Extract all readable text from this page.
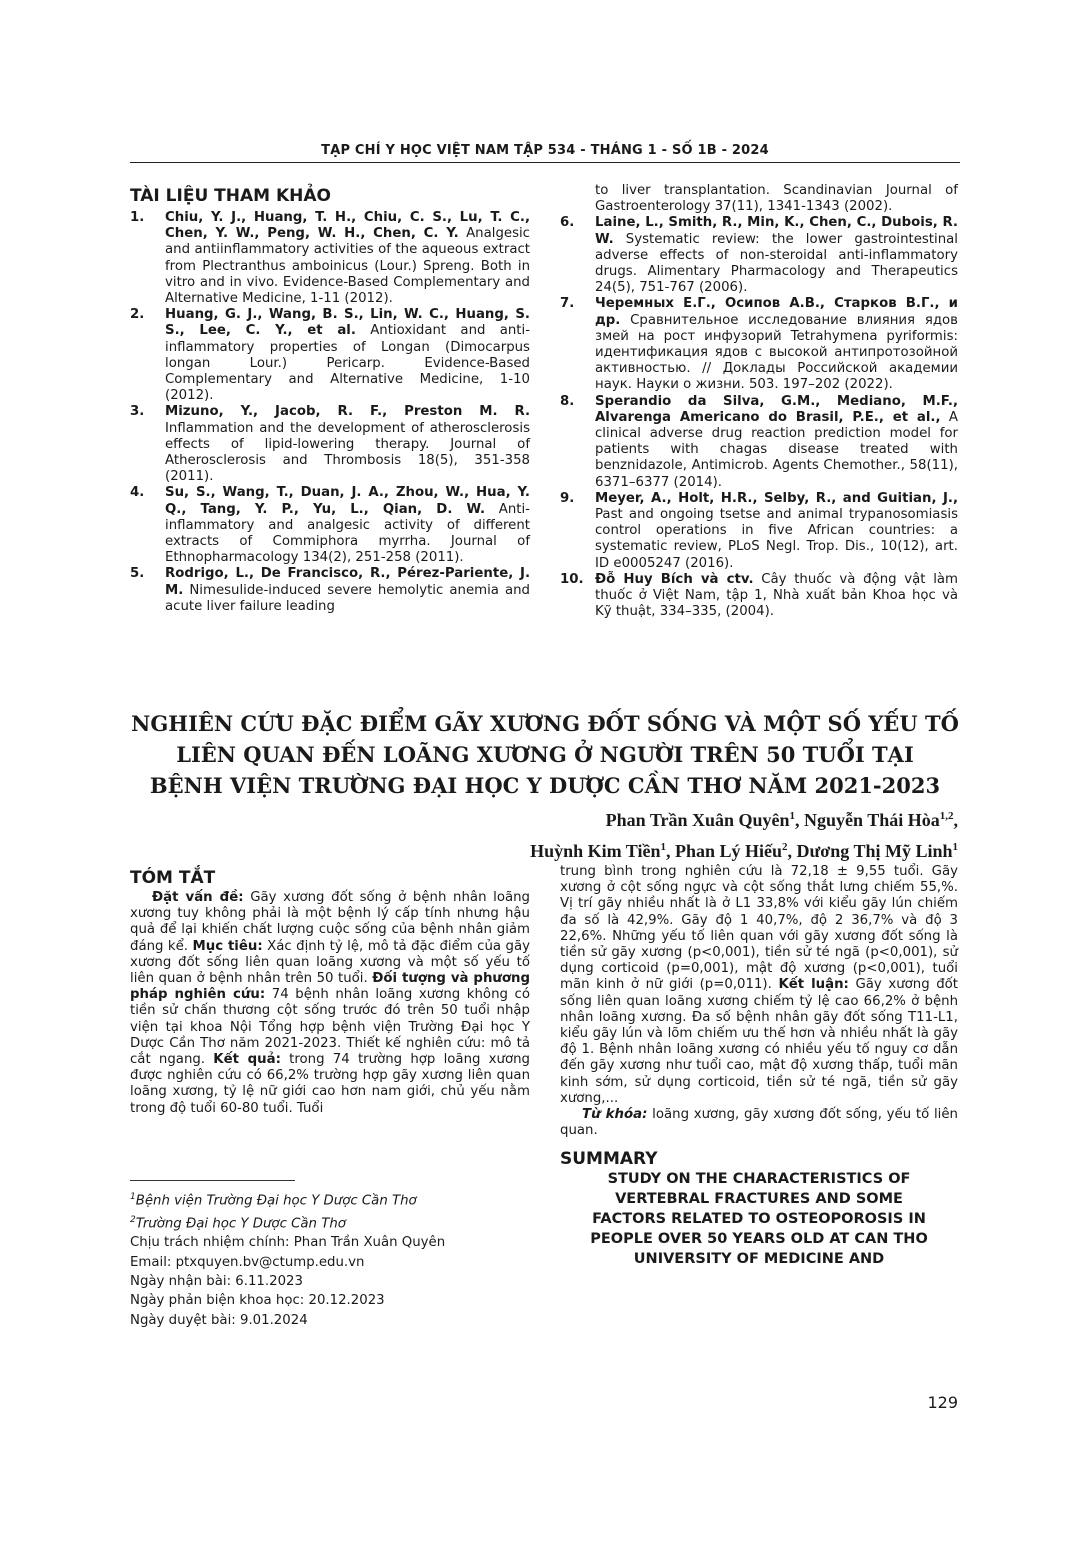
TẠP CHÍ Y HỌC VIỆT NAM TẬP 534 - THÁNG 1 - SỐ 1B - 2024
TÀI LIỆU THAM KHẢO

1. Chiu, Y. J., Huang, T. H., Chiu, C. S., Lu, T. C., Chen, Y. W., Peng, W. H., Chen, C. Y. Analgesic and antiinflammatory activities of the aqueous extract from Plectranthus amboinicus (Lour.) Spreng. Both in vitro and in vivo. Evidence-Based Complementary and Alternative Medicine, 1-11 (2012).

2. Huang, G. J., Wang, B. S., Lin, W. C., Huang, S. S., Lee, C. Y., et al. Antioxidant and anti-inflammatory properties of Longan (Dimocarpus longan Lour.) Pericarp. Evidence-Based Complementary and Alternative Medicine, 1-10 (2012).

3. Mizuno, Y., Jacob, R. F., Preston M. R. Inflammation and the development of atherosclerosis effects of lipid-lowering therapy. Journal of Atherosclerosis and Thrombosis 18(5), 351-358 (2011).

4. Su, S., Wang, T., Duan, J. A., Zhou, W., Hua, Y. Q., Tang, Y. P., Yu, L., Qian, D. W. Anti-inflammatory and analgesic activity of different extracts of Commiphora myrrha. Journal of Ethnopharmacology 134(2), 251-258 (2011).

5. Rodrigo, L., De Francisco, R., Pérez-Pariente, J. M. Nimesulide-induced severe hemolytic anemia and acute liver failure leading

to liver transplantation. Scandinavian Journal of Gastroenterology 37(11), 1341-1343 (2002).

6. Laine, L., Smith, R., Min, K., Chen, C., Dubois, R. W. Systematic review: the lower gastrointestinal adverse effects of non-steroidal anti-inflammatory drugs. Alimentary Pharmacology and Therapeutics 24(5), 751-767 (2006).

7. Черемных Е.Г., Осипов А.В., Старков В.Г., и др. Сравнительное исследование влияния ядов змей на рост инфузорий Tetrahymena pyriformis: идентификация ядов с высокой антипротозойной активностью. // Доклады Российской академии наук. Науки о жизни. 503. 197–202 (2022).

8. Sperandio da Silva, G.M., Mediano, M.F., Alvarenga Americano do Brasil, P.E., et al., A clinical adverse drug reaction prediction model for patients with chagas disease treated with benznidazole, Antimicrob. Agents Chemother., 58(11), 6371–6377 (2014).

9. Meyer, A., Holt, H.R., Selby, R., and Guitian, J., Past and ongoing tsetse and animal trypanosomiasis control operations in five African countries: a systematic review, PLoS Negl. Trop. Dis., 10(12), art. ID e0005247 (2016).

10. Đỗ Huy Bích và ctv. Cây thuốc và động vật làm thuốc ở Việt Nam, tập 1, Nhà xuất bản Khoa học và Kỹ thuật, 334–335, (2004).

NGHIÊN CỨU ĐẶC ĐIỂM GÃY XƯƠNG ĐỐT SỐNG VÀ MỘT SỐ YẾU TỐ
LIÊN QUAN ĐẾN LOÃNG XƯƠNG Ở NGƯỜI TRÊN 50 TUỔI TẠI
BỆNH VIỆN TRƯỜNG ĐẠI HỌC Y DƯỢC CẦN THƠ NĂM 2021-2023
Phan Trần Xuân Quyên$^1$, Nguyễn Thái Hòa$^{1,2}$,
Huỳnh Kim Tiền$^1$, Phan Lý Hiếu$^2$, Dương Thị Mỹ Linh$^1$
TÓM TẮT

Đặt vấn đề: Gãy xương đốt sống ở bệnh nhân loãng xương tuy không phải là một bệnh lý cấp tính nhưng hậu quả để lại khiến chất lượng cuộc sống của bệnh nhân giảm đáng kể. Mục tiêu: Xác định tỷ lệ, mô tả đặc điểm của gãy xương đốt sống liên quan loãng xương và một số yếu tố liên quan ở bệnh nhân trên 50 tuổi. Đối tượng và phương pháp nghiên cứu: 74 bệnh nhân loãng xương không có tiền sử chấn thương cột sống trước đó trên 50 tuổi nhập viện tại khoa Nội Tổng hợp bệnh viện Trường Đại học Y Dược Cần Thơ năm 2021-2023. Thiết kế nghiên cứu: mô tả cắt ngang. Kết quả: trong 74 trường hợp loãng xương được nghiên cứu có 66,2% trường hợp gãy xương liên quan loãng xương, tỷ lệ nữ giới cao hơn nam giới, chủ yếu nằm trong độ tuổi 60-80 tuổi. Tuổi

$^1$Bệnh viện Trường Đại học Y Dược Cần Thơ
$^2$Trường Đại học Y Dược Cần Thơ
Chịu trách nhiệm chính: Phan Trần Xuân Quyên
Email: ptxquyen.bv@ctump.edu.vn
Ngày nhận bài: 6.11.2023
Ngày phản biện khoa học: 20.12.2023
Ngày duyệt bài: 9.01.2024

trung bình trong nghiên cứu là 72,18 ± 9,55 tuổi. Gãy xương ở cột sống ngực và cột sống thắt lưng chiếm 55,%. Vị trí gãy nhiều nhất là ở L1 33,8% với kiểu gãy lún chiếm đa số là 42,9%. Gãy độ 1 40,7%, độ 2 36,7% và độ 3 22,6%. Những yếu tố liên quan với gãy xương đốt sống là tiền sử gãy xương (p<0,001), tiền sử té ngã (p<0,001), sử dụng corticoid (p=0,001), mật độ xương (p<0,001), tuổi mãn kinh ở nữ giới (p=0,011). Kết luận: Gãy xương đốt sống liên quan loãng xương chiếm tỷ lệ cao 66,2% ở bệnh nhân loãng xương. Đa số bệnh nhân gãy đốt sống T11-L1, kiểu gãy lún và lõm chiếm ưu thế hơn và nhiều nhất là gãy độ 1. Bệnh nhân loãng xương có nhiều yếu tố nguy cơ dẫn đến gãy xương như tuổi cao, mật độ xương thấp, tuổi mãn kinh sớm, sử dụng corticoid, tiền sử té ngã, tiền sử gãy xương,...

Từ khóa: loãng xương, gãy xương đốt sống, yếu tố liên quan.

SUMMARY
STUDY ON THE CHARACTERISTICS OF
VERTEBRAL FRACTURES AND SOME
FACTORS RELATED TO OSTEOPOROSIS IN
PEOPLE OVER 50 YEARS OLD AT CAN THO
UNIVERSITY OF MEDICINE AND
129
